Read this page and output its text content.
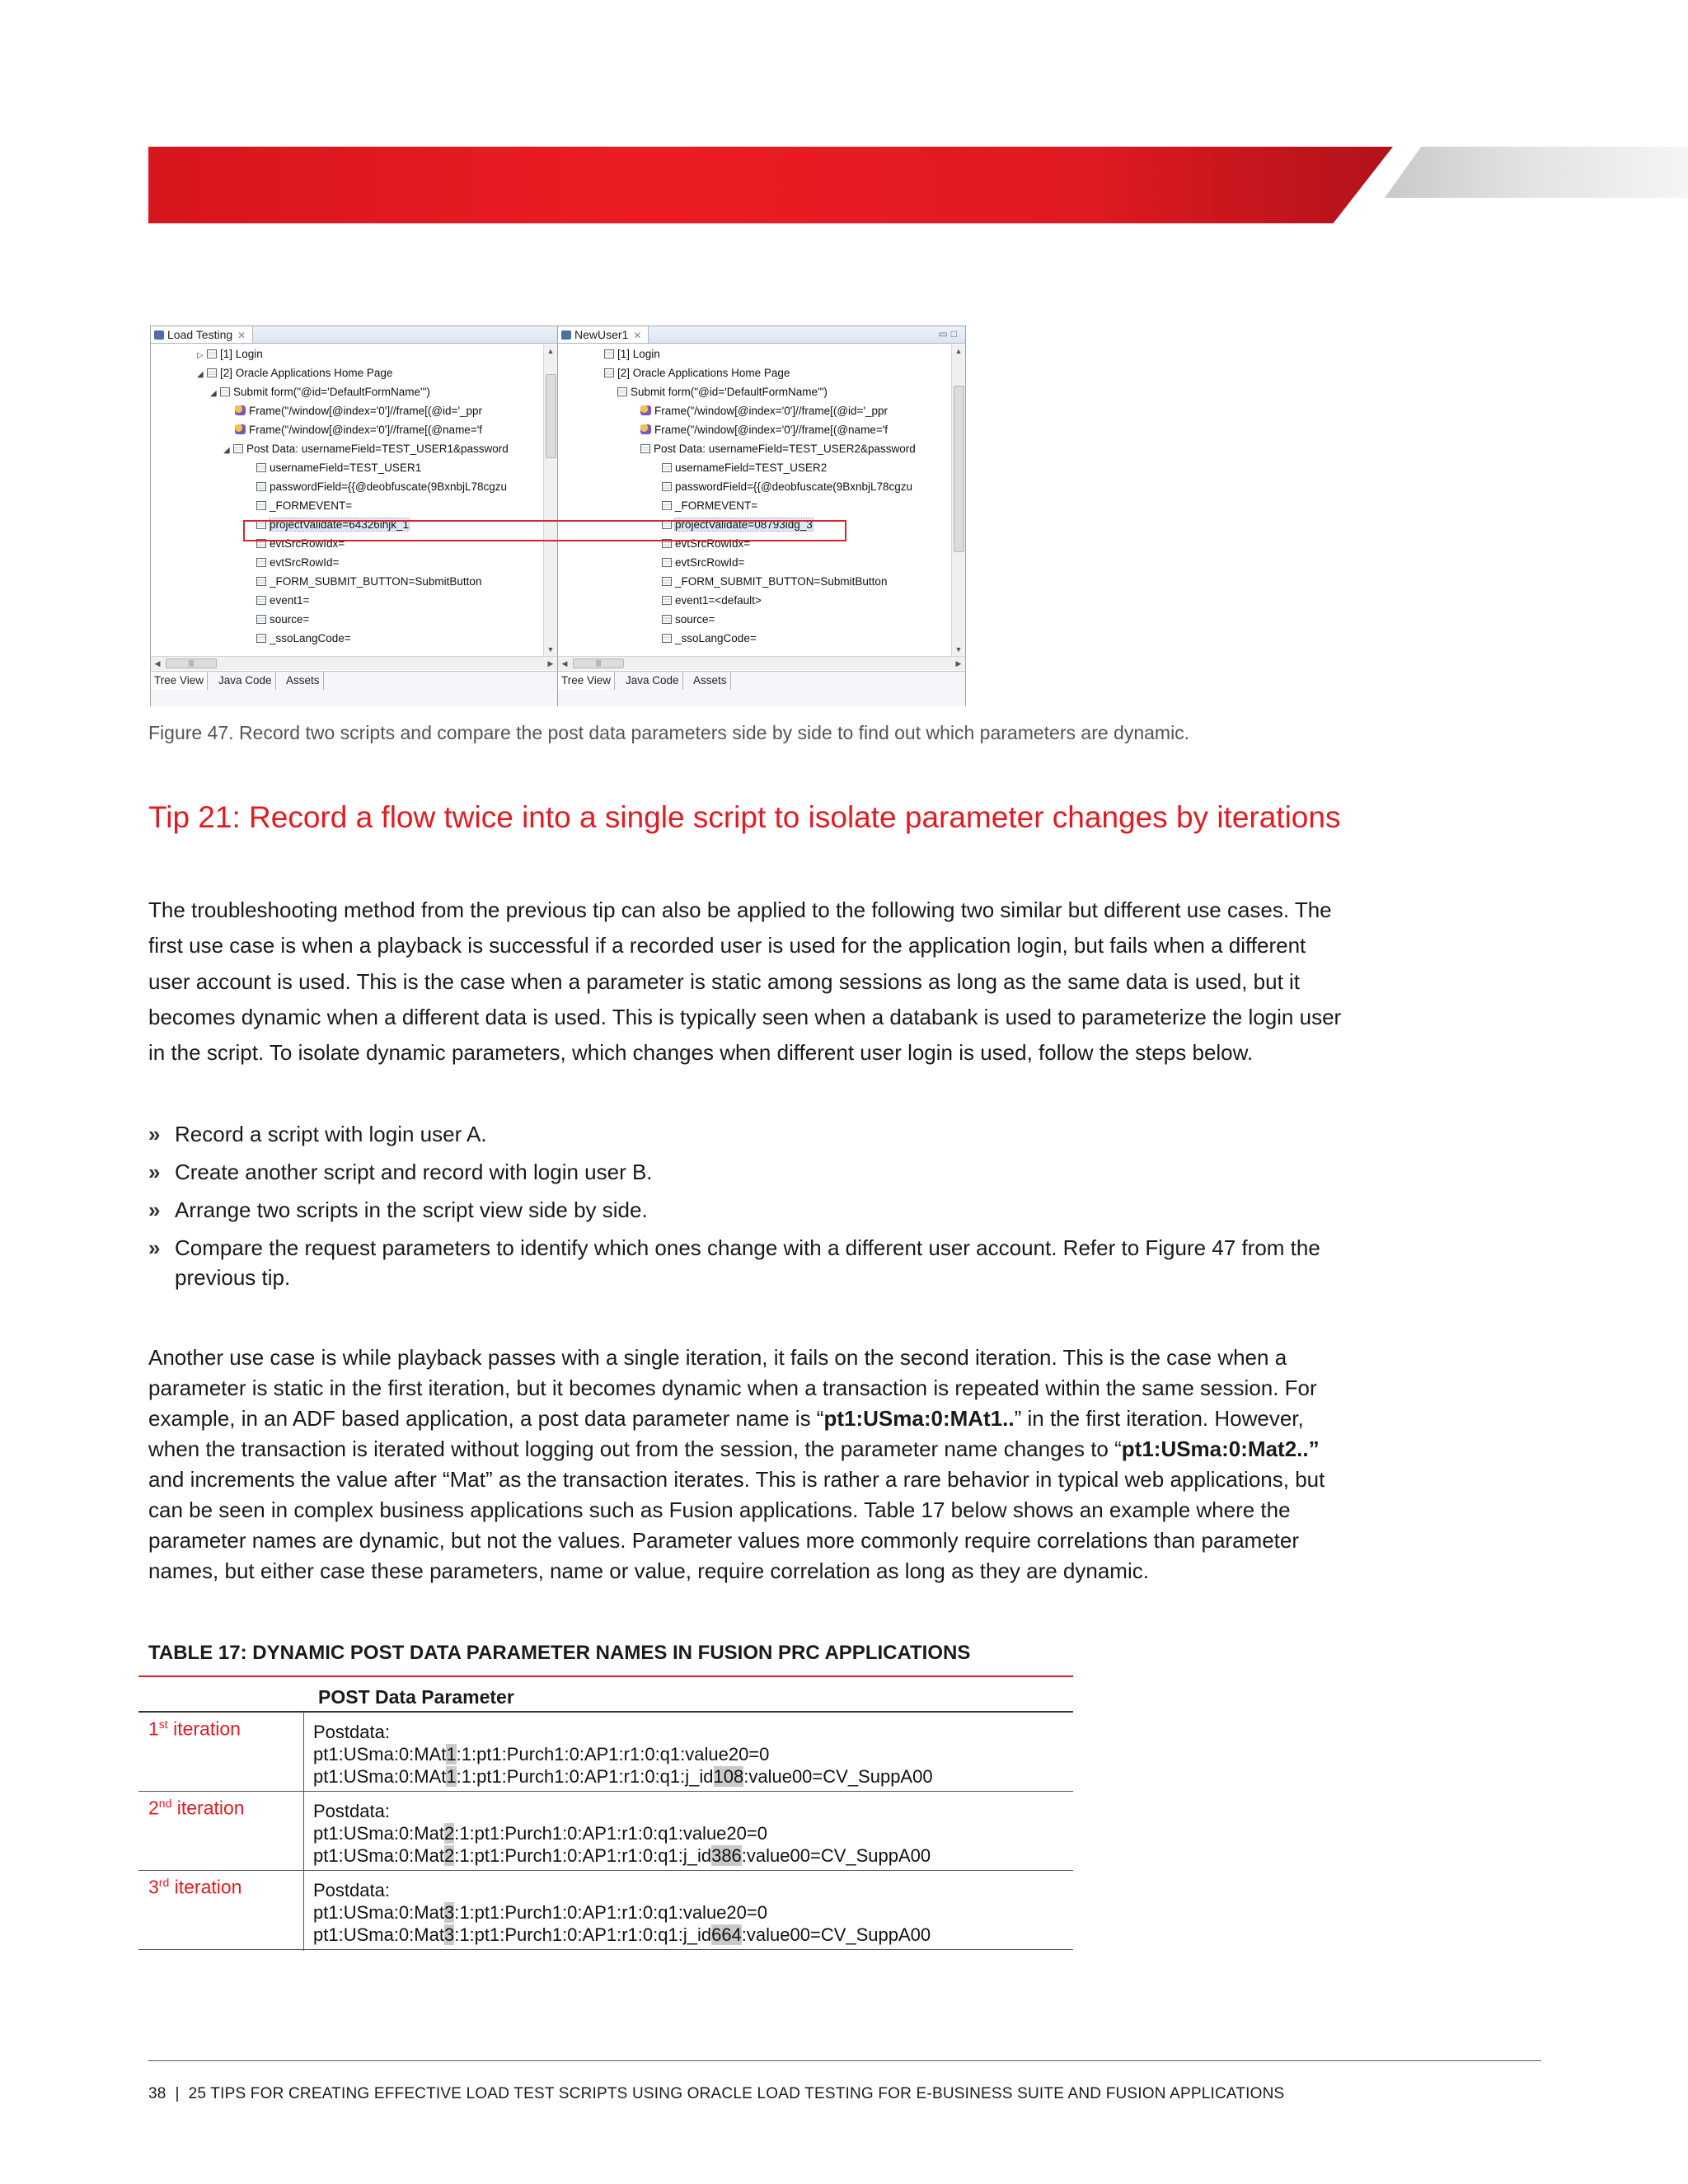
Load Testing ✕
▷ [1] Login
◢ [2] Oracle Applications Home Page
◢ Submit form("@id='DefaultFormName'")
Frame("/window[@index='0']//frame[(@id='_ppr
Frame("/window[@index='0']//frame[(@name='f
◢ Post Data: usernameField=TEST_USER1&password
usernameField=TEST_USER1
passwordField={{@deobfuscate(9BxnbjL78cgzu
_FORMEVENT=
projectValidate=64326ihjk_1
evtSrcRowIdx=
evtSrcRowId=
_FORM_SUBMIT_BUTTON=SubmitButton
event1=
source=
_ssoLangCode=
▲
▼
◀	|||	▶
Tree View	Java Code	Assets
NewUser1 ✕	▭□
[1] Login
[2] Oracle Applications Home Page
Submit form("@id='DefaultFormName'")
Frame("/window[@index='0']//frame[(@id='_ppr
Frame("/window[@index='0']//frame[(@name='f
Post Data: usernameField=TEST_USER2&password
usernameField=TEST_USER2
passwordField={{@deobfuscate(9BxnbjL78cgzu
_FORMEVENT=
projectValidate=08793idg_3
evtSrcRowIdx=
evtSrcRowId=
_FORM_SUBMIT_BUTTON=SubmitButton
event1=<default>
source=
_ssoLangCode=
▲
▼
◀	|||	▶
Tree View	Java Code	Assets
Figure 47. Record two scripts and compare the post data parameters side by side to find out which parameters are dynamic.
Tip 21: Record a flow twice into a single script to isolate parameter changes by iterations

The troubleshooting method from the previous tip can also be applied to the following two similar but different use cases. The first use case is when a playback is successful if a recorded user is used for the application login, but fails when a different user account is used. This is the case when a parameter is static among sessions as long as the same data is used, but it becomes dynamic when a different data is used. This is typically seen when a databank is used to parameterize the login user in the script. To isolate dynamic parameters, which changes when different user login is used, follow the steps below.

» Record a script with login user A.
» Create another script and record with login user B.
» Arrange two scripts in the script view side by side.
» Compare the request parameters to identify which ones change with a different user account. Refer to Figure 47 from the previous tip.

Another use case is while playback passes with a single iteration, it fails on the second iteration. This is the case when a parameter is static in the first iteration, but it becomes dynamic when a transaction is repeated within the same session. For example, in an ADF based application, a post data parameter name is “pt1:USma:0:MAt1..” in the first iteration. However, when the transaction is iterated without logging out from the session, the parameter name changes to “pt1:USma:0:Mat2..” and increments the value after “Mat” as the transaction iterates. This is rather a rare behavior in typical web applications, but can be seen in complex business applications such as Fusion applications. Table 17 below shows an example where the parameter names are dynamic, but not the values. Parameter values more commonly require correlations than parameter names, but either case these parameters, name or value, require correlation as long as they are dynamic.

TABLE 17: DYNAMIC POST DATA PARAMETER NAMES IN FUSION PRC APPLICATIONS
POST Data Parameter
1st iteration	Postdata:
pt1:USma:0:MAt1:1:pt1:Purch1:0:AP1:r1:0:q1:value20=0
pt1:USma:0:MAt1:1:pt1:Purch1:0:AP1:r1:0:q1:j_id108:value00=CV_SuppA00
2nd iteration	Postdata:
pt1:USma:0:Mat2:1:pt1:Purch1:0:AP1:r1:0:q1:value20=0
pt1:USma:0:Mat2:1:pt1:Purch1:0:AP1:r1:0:q1:j_id386:value00=CV_SuppA00
3rd iteration	Postdata:
pt1:USma:0:Mat3:1:pt1:Purch1:0:AP1:r1:0:q1:value20=0
pt1:USma:0:Mat3:1:pt1:Purch1:0:AP1:r1:0:q1:j_id664:value00=CV_SuppA00
38 | 25 TIPS FOR CREATING EFFECTIVE LOAD TEST SCRIPTS USING ORACLE LOAD TESTING FOR E-BUSINESS SUITE AND FUSION APPLICATIONS
